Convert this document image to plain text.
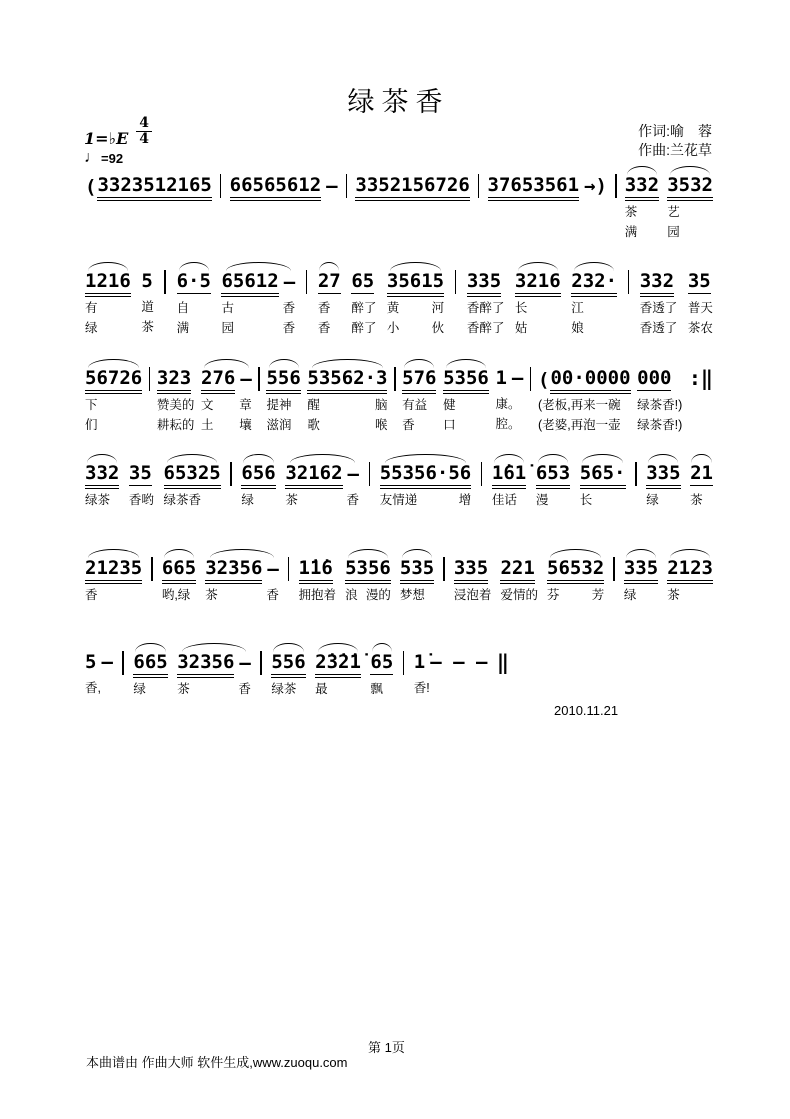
绿茶香
作词:喻　蓉
作曲:兰花草
1=♭E $\frac{4}{4}$
♩ =92
( 3323512165 66565612 — 3352156726 37653561 →) 332
茶
满
3532
艺
园
1216
有
绿
5
道
茶
6·5
自
满
65612 —
古	香
园	香
27
香
香
65
醉了
醉了
35615
黄	河
小	伙
335
香醉了
香醉了
3216
长
姑
232·
江
娘
332
香透了
香透了
35
普天
茶农
56726
下
们
323
赞美的
耕耘的
276 —
文 章
土 壤
556
提神
滋润
53562·3
醒	脑
歌	喉
576
有益
香
5356
健
口
1 —
康。
腔。
( 00·0000
(老板,再来一碗
(老婆,再泡一壶
000
绿茶香!)
绿茶香!)
:‖
332
绿茶
35
香哟
65325
绿茶香
656
绿
32162 —
茶	香
55356·56
友情递	增
1̇61̇
佳话
653
漫
565·
长
335
绿
21
茶
21235
香
665
哟,绿
32356 —
茶	香
1̇1̇6
拥抱着
5356
浪 漫的
535
梦想
335
浸泡着
221
爱情的
56532
芬	芳
335
绿
2123
茶
5 —
香,
665
绿
32356 —
茶	香
556
绿茶
2̇3̇2̇1̇
最
65
飘
1̇ — — —
香!
‖
2010.11.21
第 1页
本曲谱由 作曲大师 软件生成,www.zuoqu.com
